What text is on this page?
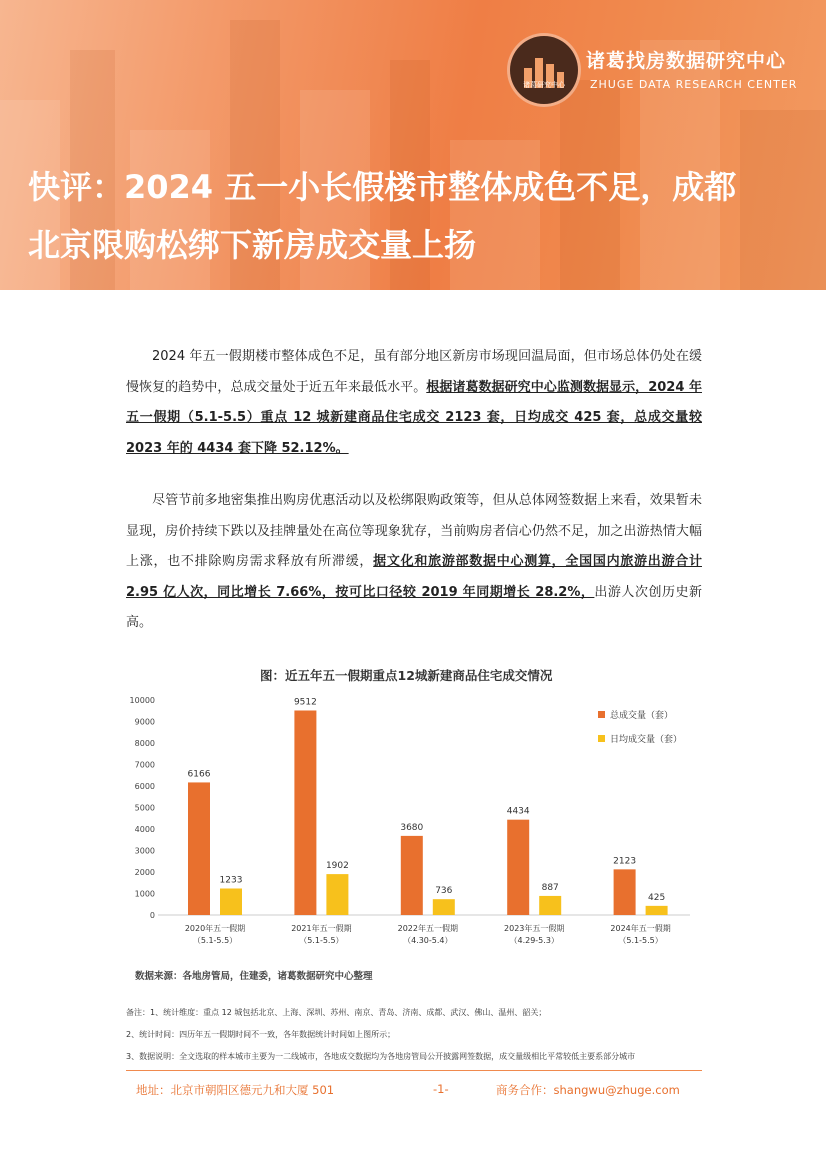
诸葛研究中心
诸葛找房数据研究中心
ZHUGE DATA RESEARCH CENTER
快评：2024 五一小长假楼市整体成色不足，成都
北京限购松绑下新房成交量上扬
2024 年五一假期楼市整体成色不足，虽有部分地区新房市场现回温局面，但市场总体仍处在缓慢恢复的趋势中，总成交量处于近五年来最低水平。根据诸葛数据研究中心监测数据显示，2024 年五一假期（5.1-5.5）重点 12 城新建商品住宅成交 2123 套，日均成交 425 套，总成交量较 2023 年的 4434 套下降 52.12%。
尽管节前多地密集推出购房优惠活动以及松绑限购政策等，但从总体网签数据上来看，效果暂未显现，房价持续下跌以及挂牌量处在高位等现象犹存，当前购房者信心仍然不足，加之出游热情大幅上涨，也不排除购房需求释放有所滞缓，据文化和旅游部数据中心测算，全国国内旅游出游合计 2.95 亿人次，同比增长 7.66%，按可比口径较 2019 年同期增长 28.2%，出游人次创历史新高。
图：近五年五一假期重点12城新建商品住宅成交情况
0
1000
2000
3000
4000
5000
6000
7000
8000
9000
10000
6166
1233
2020年五一假期
（5.1-5.5）
9512
1902
2021年五一假期
（5.1-5.5）
3680
736
2022年五一假期
（4.30-5.4）
4434
887
2023年五一假期
（4.29-5.3）
2123
425
2024年五一假期
（5.1-5.5）
总成交量（套）
日均成交量（套）
数据来源：各地房管局，住建委，诸葛数据研究中心整理
备注：1、统计维度：重点 12 城包括北京、上海、深圳、苏州、南京、青岛、济南、成都、武汉、佛山、温州、韶关；
2、统计时间：四历年五一假期时间不一致，各年数据统计时间如上图所示；
3、数据说明：全文选取的样本城市主要为一二线城市，各地成交数据均为各地房管局公开披露网签数据，成交量级相比平常较低主要系部分城市
地址：北京市朝阳区德元九和大厦 501	-1-	商务合作：shangwu@zhuge.com
